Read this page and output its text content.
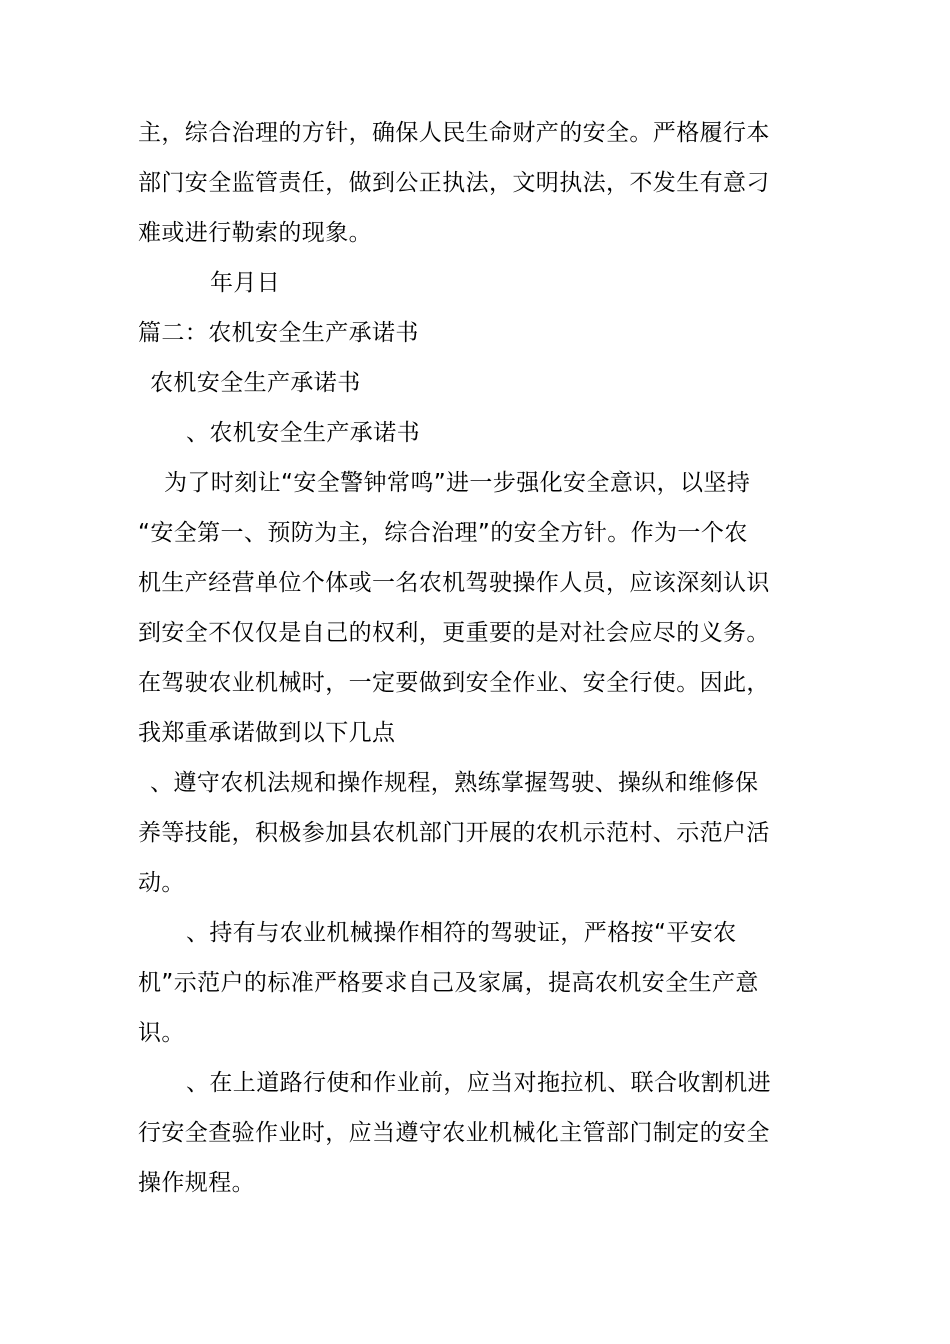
主，综合治理的方针，确保人民生命财产的安全。严格履行本
部门安全监管责任，做到公正执法，文明执法，不发生有意刁
难或进行勒索的现象。
年月日
篇二：农机安全生产承诺书
农机安全生产承诺书
、农机安全生产承诺书
为了时刻让“安全警钟常鸣”进一步强化安全意识，以坚持
“安全第一、预防为主，综合治理”的安全方针。作为一个农
机生产经营单位个体或一名农机驾驶操作人员，应该深刻认识
到安全不仅仅是自己的权利，更重要的是对社会应尽的义务。
在驾驶农业机械时，一定要做到安全作业、安全行使。因此，
我郑重承诺做到以下几点
、遵守农机法规和操作规程，熟练掌握驾驶、操纵和维修保
养等技能，积极参加县农机部门开展的农机示范村、示范户活
动。
、持有与农业机械操作相符的驾驶证，严格按“平安农
机”示范户的标准严格要求自己及家属，提高农机安全生产意
识。
、在上道路行使和作业前，应当对拖拉机、联合收割机进
行安全查验作业时，应当遵守农业机械化主管部门制定的安全
操作规程。
